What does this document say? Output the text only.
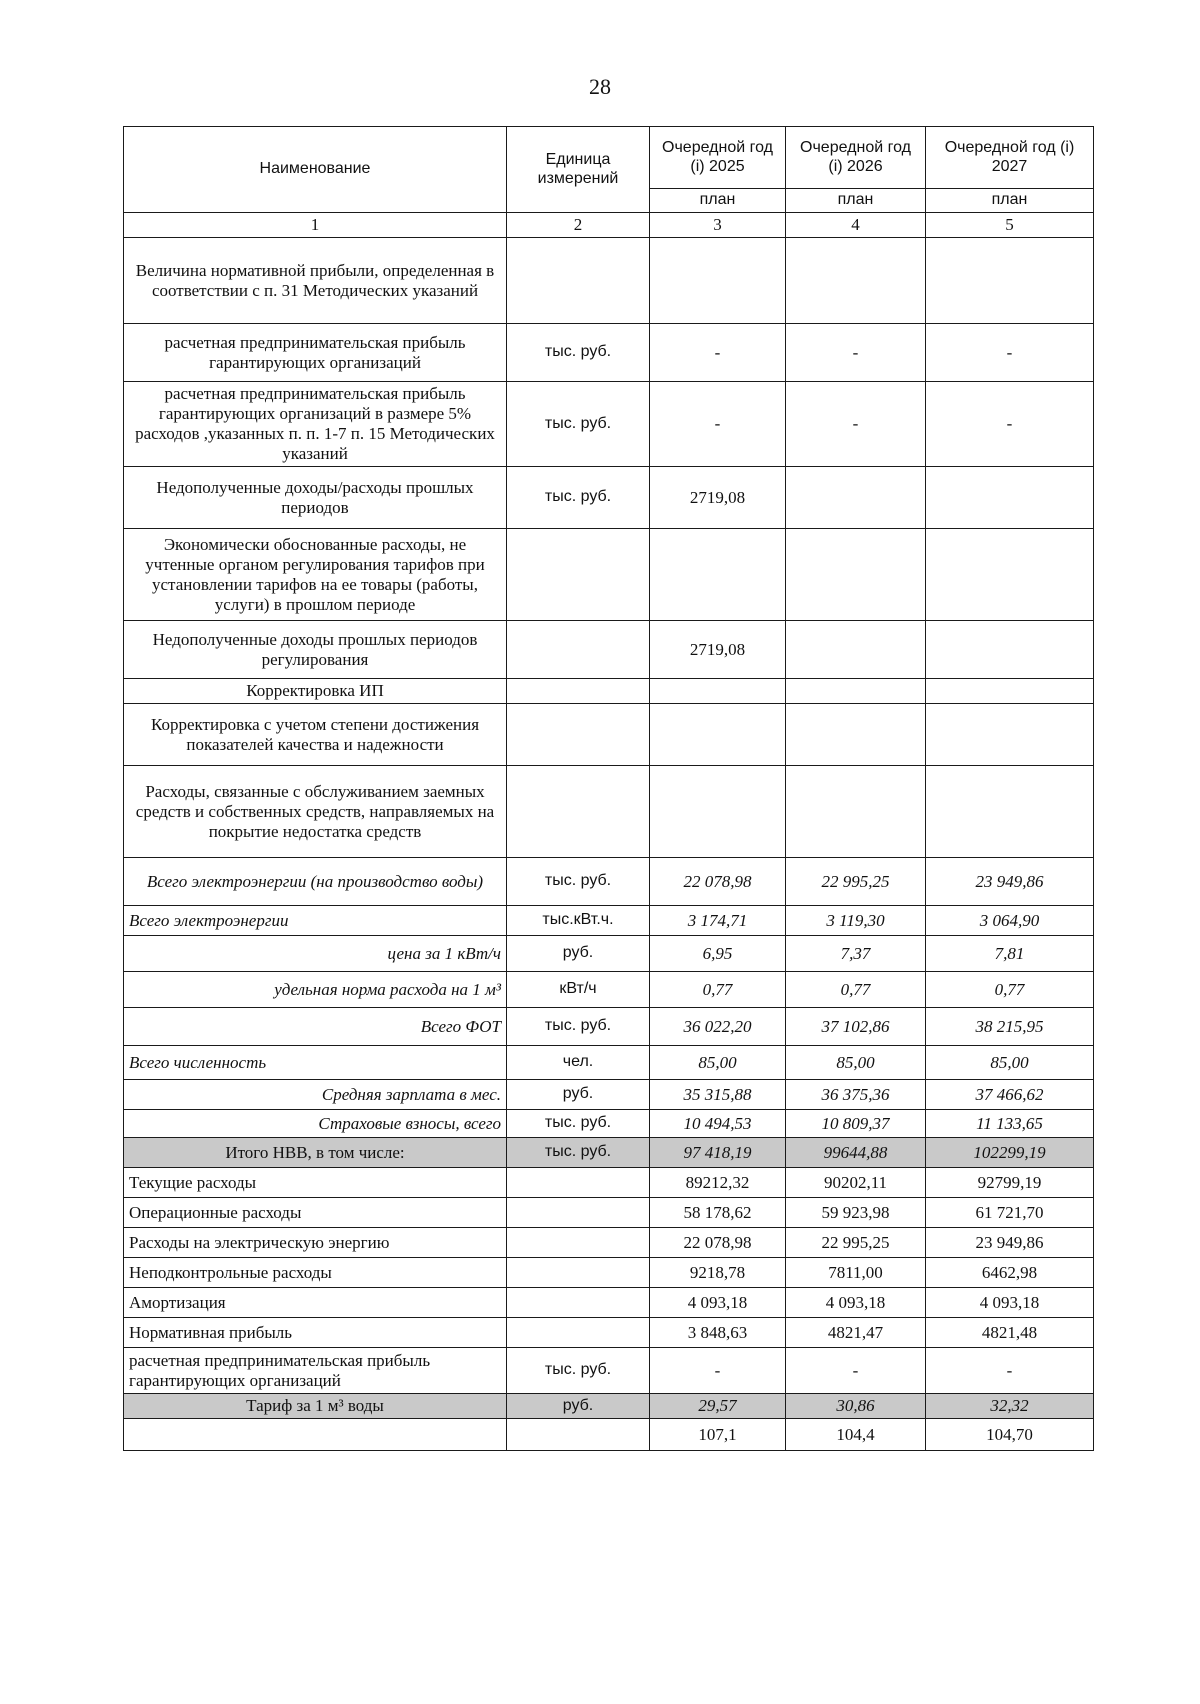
28
Наименование	Единица измерений	Очередной год (i) 2025	Очередной год (i) 2026	Очередной год (i) 2027
		план	план	план
1	2	3	4	5
Величина нормативной прибыли, определенная в соответствии с п. 31 Методических указаний				
расчетная предпринимательская прибыль гарантирующих организаций	тыс. руб.	-	-	-
расчетная предпринимательская прибыль гарантирующих организаций в размере 5% расходов ,указанных п. п. 1-7 п. 15 Методических указаний	тыс. руб.	-	-	-
Недополученные доходы/расходы прошлых периодов	тыс. руб.	2719,08		
Экономически обоснованные расходы, не учтенные органом регулирования тарифов при установлении тарифов на ее товары (работы, услуги) в прошлом периоде				
Недополученные доходы прошлых периодов регулирования		2719,08		
Корректировка ИП				
Корректировка с учетом степени достижения показателей качества и надежности				
Расходы, связанные с обслуживанием заемных средств и собственных средств, направляемых на покрытие недостатка средств				
Всего электроэнергии (на производство воды)	тыс. руб.	22 078,98	22 995,25	23 949,86
Всего электроэнергии	тыс.кВт.ч.	3 174,71	3 119,30	3 064,90
цена за 1 кВт/ч	руб.	6,95	7,37	7,81
удельная норма расхода на 1 м³	кВт/ч	0,77	0,77	0,77
Всего ФОТ	тыс. руб.	36 022,20	37 102,86	38 215,95
Всего численность	чел.	85,00	85,00	85,00
Средняя зарплата в мес.	руб.	35 315,88	36 375,36	37 466,62
Страховые взносы, всего	тыс. руб.	10 494,53	10 809,37	11 133,65
Итого НВВ, в том числе:	тыс. руб.	97 418,19	99644,88	102299,19
Текущие расходы		89212,32	90202,11	92799,19
Операционные расходы		58 178,62	59 923,98	61 721,70
Расходы на электрическую энергию		22 078,98	22 995,25	23 949,86
Неподконтрольные расходы		9218,78	7811,00	6462,98
Амортизация		4 093,18	4 093,18	4 093,18
Нормативная прибыль		3 848,63	4821,47	4821,48
расчетная предпринимательская прибыль гарантирующих организаций	тыс. руб.	-	-	-
Тариф за 1 м³ воды	руб.	29,57	30,86	32,32
		107,1	104,4	104,70
